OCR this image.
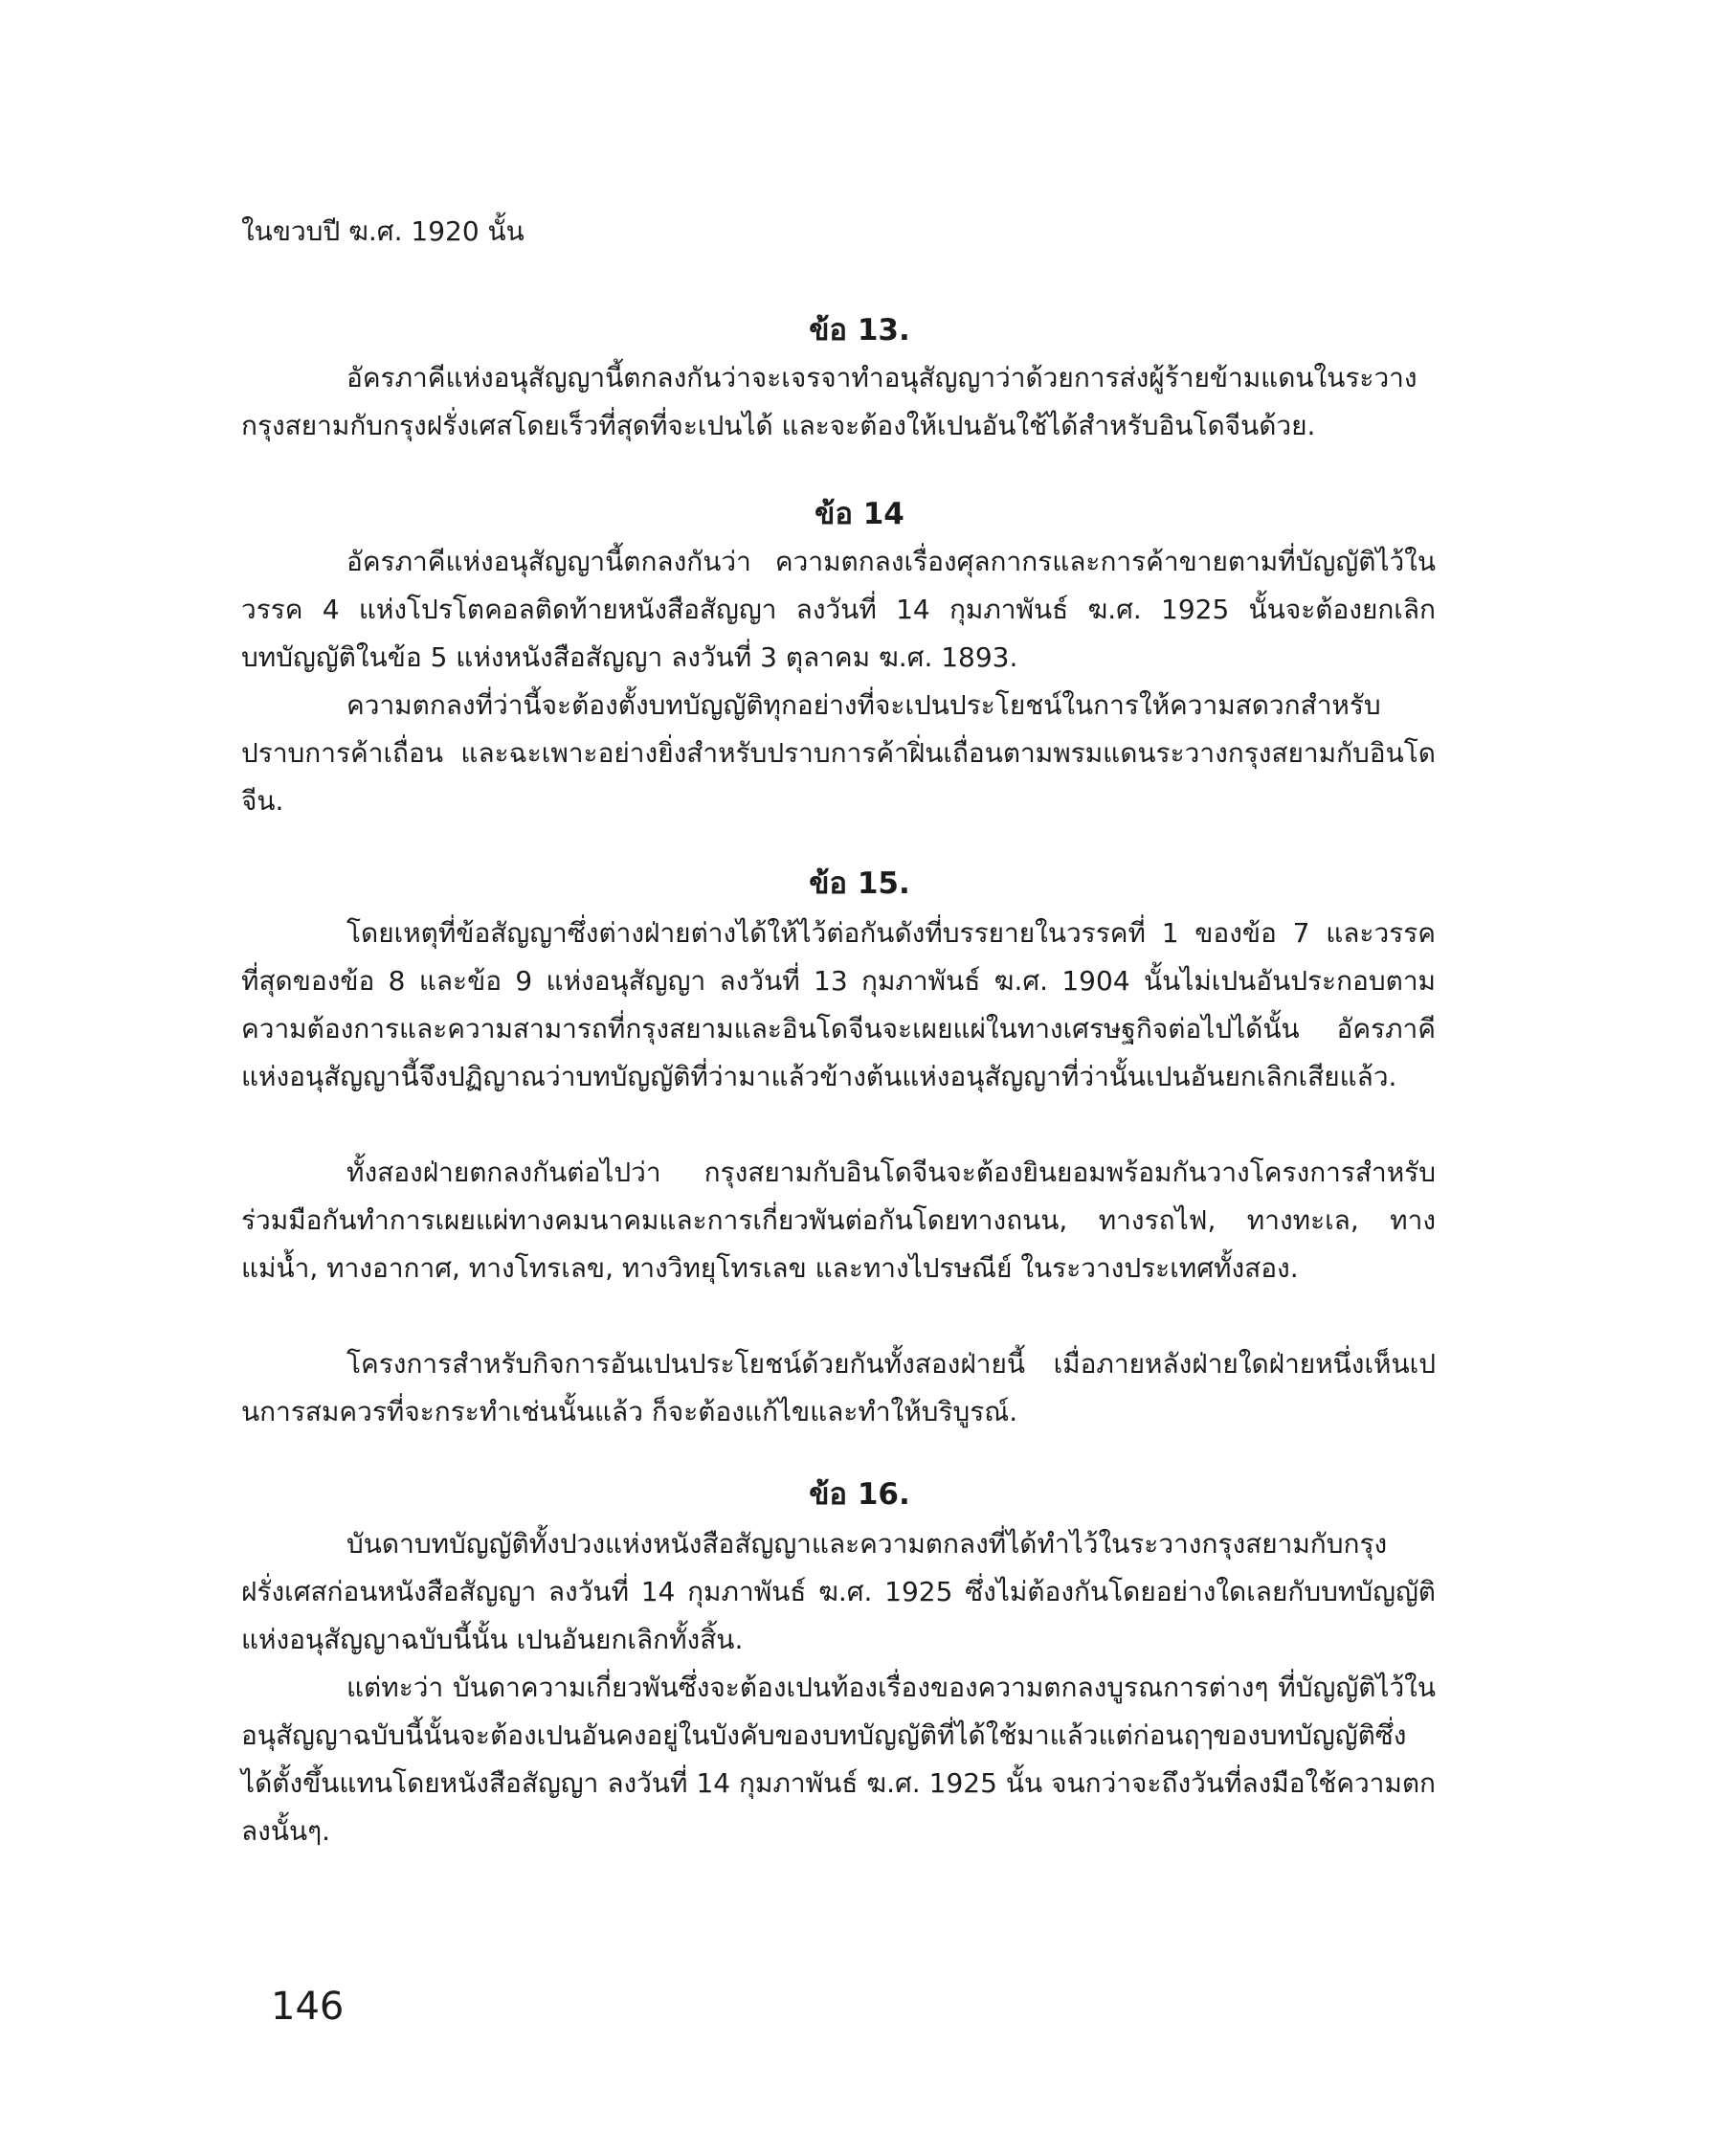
ในขวบปี ฆ.ศ. 1920 นั้น
ข้อ 13.

อัครภาคีแห่งอนุสัญญานี้ตกลงกันว่าจะเจรจาทำอนุสัญญาว่าด้วยการส่งผู้ร้ายข้ามแดนในระวางกรุงสยามกับกรุงฝรั่งเศสโดยเร็วที่สุดที่จะเปนได้ และจะต้องให้เปนอันใช้ได้สำหรับอินโดจีนด้วย.

ข้อ 14

อัครภาคีแห่งอนุสัญญานี้ตกลงกันว่า ความตกลงเรื่องศุลกากรและการค้าขายตามที่บัญญัติไว้ในวรรค 4 แห่งโปรโตคอลติดท้ายหนังสือสัญญา ลงวันที่ 14 กุมภาพันธ์ ฆ.ศ. 1925 นั้นจะต้องยกเลิกบทบัญญัติในข้อ 5 แห่งหนังสือสัญญา ลงวันที่ 3 ตุลาคม ฆ.ศ. 1893.

ความตกลงที่ว่านี้จะต้องตั้งบทบัญญัติทุกอย่างที่จะเปนประโยชน์ในการให้ความสดวกสำหรับปราบการค้าเถื่อน และฉะเพาะอย่างยิ่งสำหรับปราบการค้าฝิ่นเถื่อนตามพรมแดนระวางกรุงสยามกับอินโดจีน.

ข้อ 15.

โดยเหตุที่ข้อสัญญาซึ่งต่างฝ่ายต่างได้ให้ไว้ต่อกันดังที่บรรยายในวรรคที่ 1 ของข้อ 7 และวรรคที่สุดของข้อ 8 และข้อ 9 แห่งอนุสัญญา ลงวันที่ 13 กุมภาพันธ์ ฆ.ศ. 1904 นั้นไม่เปนอันประกอบตามความต้องการและความสามารถที่กรุงสยามและอินโดจีนจะเผยแผ่ในทางเศรษฐกิจต่อไปได้นั้น อัครภาคีแห่งอนุสัญญานี้จึงปฏิญาณว่าบทบัญญัติที่ว่ามาแล้วข้างต้นแห่งอนุสัญญาที่ว่านั้นเปนอันยกเลิกเสียแล้ว.

ทั้งสองฝ่ายตกลงกันต่อไปว่า กรุงสยามกับอินโดจีนจะต้องยินยอมพร้อมกันวางโครงการสำหรับร่วมมือกันทำการเผยแผ่ทางคมนาคมและการเกี่ยวพันต่อกันโดยทางถนน, ทางรถไฟ, ทางทะเล, ทางแม่น้ำ, ทางอากาศ, ทางโทรเลข, ทางวิทยุโทรเลข และทางไปรษณีย์ ในระวางประเทศทั้งสอง.

โครงการสำหรับกิจการอันเปนประโยชน์ด้วยกันทั้งสองฝ่ายนี้ เมื่อภายหลังฝ่ายใดฝ่ายหนึ่งเห็นเปนการสมควรที่จะกระทำเช่นนั้นแล้ว ก็จะต้องแก้ไขและทำให้บริบูรณ์.

ข้อ 16.

บันดาบทบัญญัติทั้งปวงแห่งหนังสือสัญญาและความตกลงที่ได้ทำไว้ในระวางกรุงสยามกับกรุงฝรั่งเศสก่อนหนังสือสัญญา ลงวันที่ 14 กุมภาพันธ์ ฆ.ศ. 1925 ซึ่งไม่ต้องกันโดยอย่างใดเลยกับบทบัญญัติแห่งอนุสัญญาฉบับนี้นั้น เปนอันยกเลิกทั้งสิ้น.

แต่ทะว่า บันดาความเกี่ยวพันซึ่งจะต้องเปนท้องเรื่องของความตกลงบูรณการต่างๆ ที่บัญญัติไว้ในอนุสัญญาฉบับนี้นั้นจะต้องเปนอันคงอยู่ในบังคับของบทบัญญัติที่ได้ใช้มาแล้วแต่ก่อนฤๅของบทบัญญัติซึ่งได้ตั้งขึ้นแทนโดยหนังสือสัญญา ลงวันที่ 14 กุมภาพันธ์ ฆ.ศ. 1925 นั้น จนกว่าจะถึงวันที่ลงมือใช้ความตกลงนั้นๆ.

146
